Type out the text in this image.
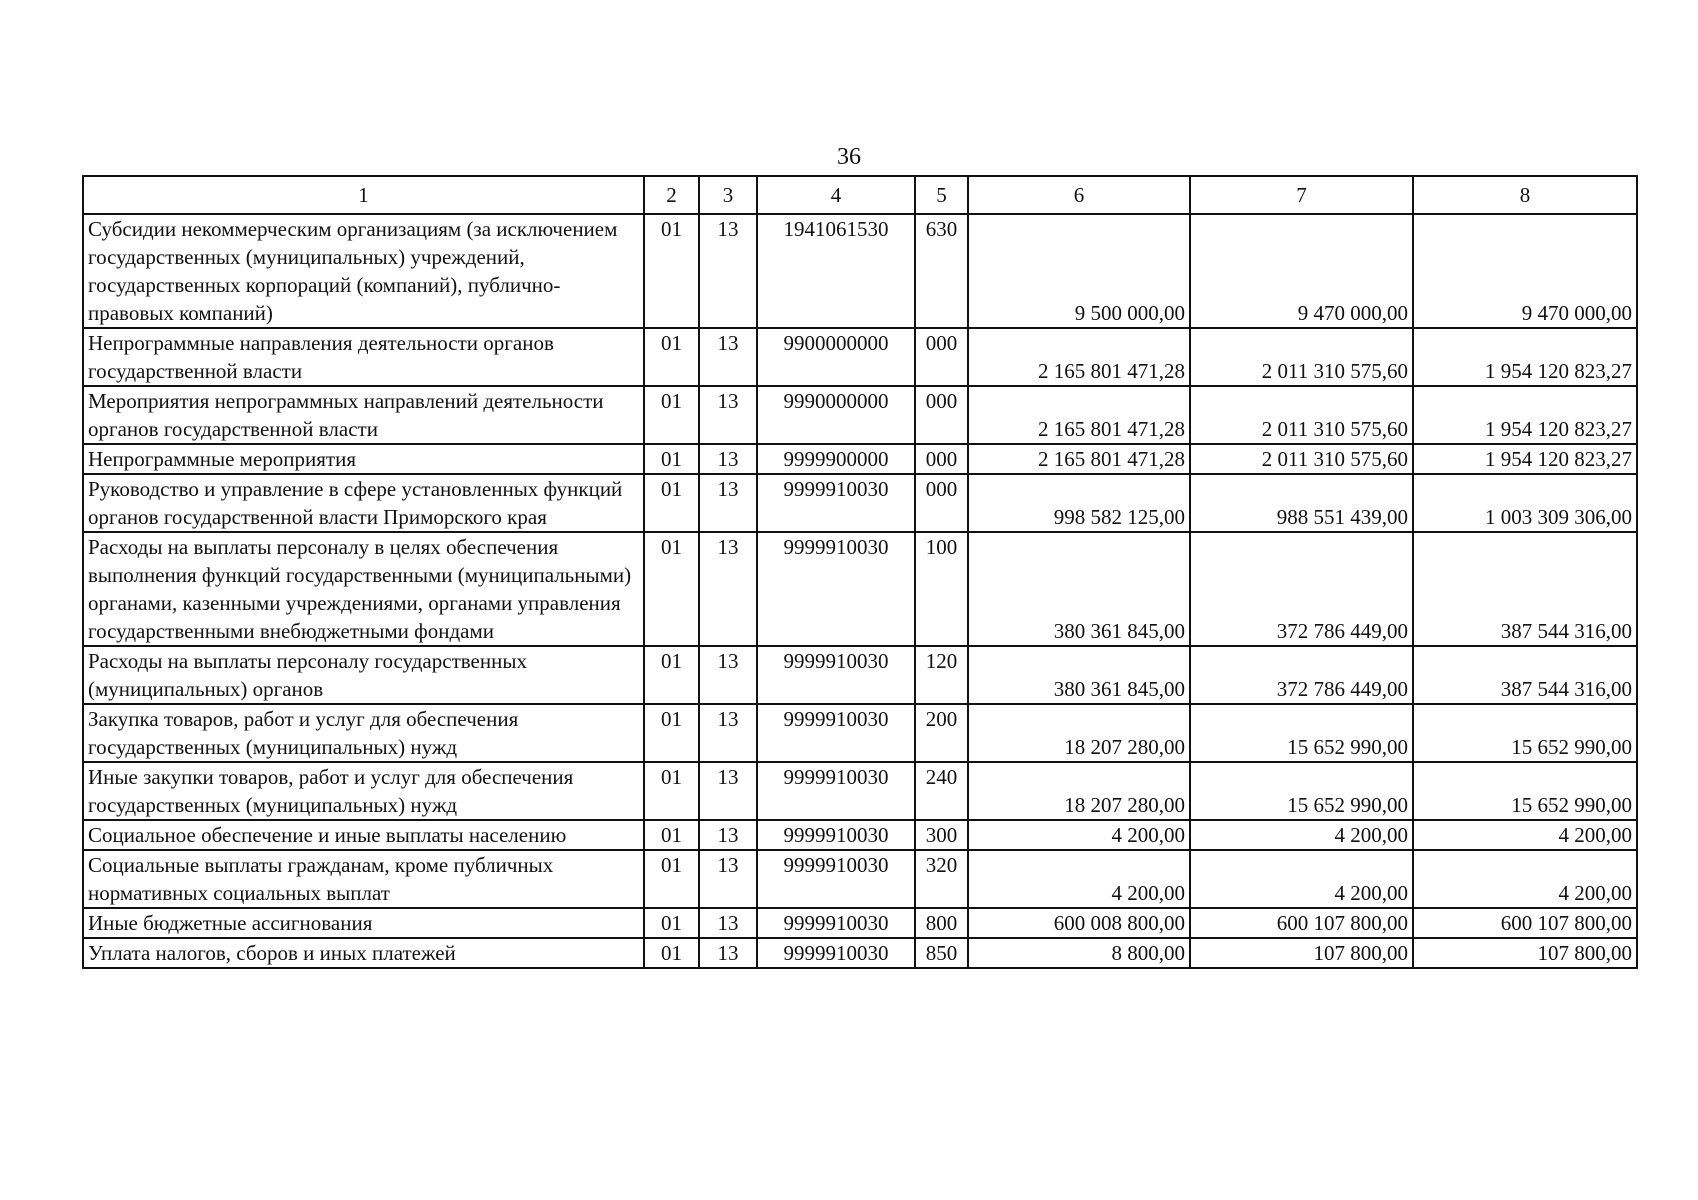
36
1	2	3	4	5	6	7	8
Субсидии некоммерческим организациям (за исключением государственных (муниципальных) учреждений, государственных корпораций (компаний), публично-правовых компаний)	01	13	1941061530	630	9 500 000,00	9 470 000,00	9 470 000,00
Непрограммные направления деятельности органов государственной власти	01	13	9900000000	000	2 165 801 471,28	2 011 310 575,60	1 954 120 823,27
Мероприятия непрограммных направлений деятельности органов государственной власти	01	13	9990000000	000	2 165 801 471,28	2 011 310 575,60	1 954 120 823,27
Непрограммные мероприятия	01	13	9999900000	000	2 165 801 471,28	2 011 310 575,60	1 954 120 823,27
Руководство и управление в сфере установленных функций органов государственной власти Приморского края	01	13	9999910030	000	998 582 125,00	988 551 439,00	1 003 309 306,00
Расходы на выплаты персоналу в целях обеспечения выполнения функций государственными (муниципальными) органами, казенными учреждениями, органами управления государственными внебюджетными фондами	01	13	9999910030	100	380 361 845,00	372 786 449,00	387 544 316,00
Расходы на выплаты персоналу государственных (муниципальных) органов	01	13	9999910030	120	380 361 845,00	372 786 449,00	387 544 316,00
Закупка товаров, работ и услуг для обеспечения государственных (муниципальных) нужд	01	13	9999910030	200	18 207 280,00	15 652 990,00	15 652 990,00
Иные закупки товаров, работ и услуг для обеспечения государственных (муниципальных) нужд	01	13	9999910030	240	18 207 280,00	15 652 990,00	15 652 990,00
Социальное обеспечение и иные выплаты населению	01	13	9999910030	300	4 200,00	4 200,00	4 200,00
Социальные выплаты гражданам, кроме публичных нормативных социальных выплат	01	13	9999910030	320	4 200,00	4 200,00	4 200,00
Иные бюджетные ассигнования	01	13	9999910030	800	600 008 800,00	600 107 800,00	600 107 800,00
Уплата налогов, сборов и иных платежей	01	13	9999910030	850	8 800,00	107 800,00	107 800,00
